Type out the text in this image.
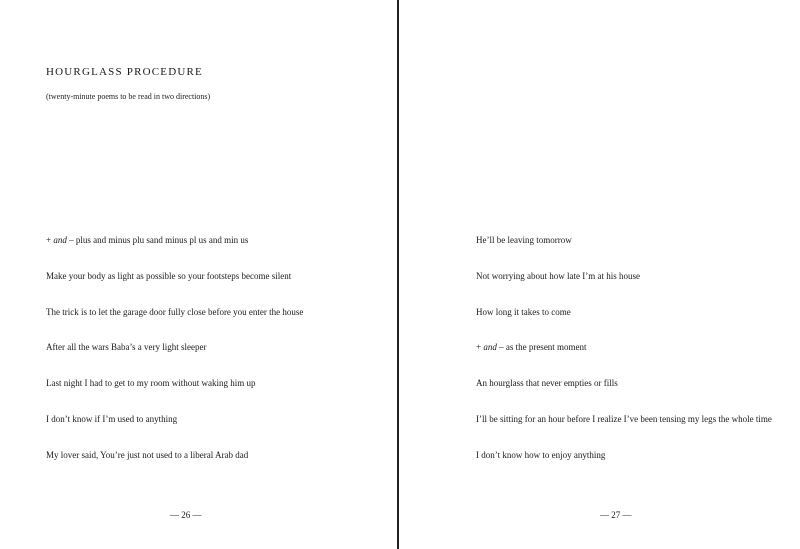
HOURGLASS PROCEDURE
(twenty-minute poems to be read in two directions)
+ and – plus and minus plu sand minus pl us and min us
Make your body as light as possible so your footsteps become silent
The trick is to let the garage door fully close before you enter the house
After all the wars Baba’s a very light sleeper
Last night I had to get to my room without waking him up
I don’t know if I’m used to anything
My lover said, You’re just not used to a liberal Arab dad
— 26 —
He’ll be leaving tomorrow
Not worrying about how late I’m at his house
How long it takes to come
+ and – as the present moment
An hourglass that never empties or fills
I’ll be sitting for an hour before I realize I’ve been tensing my legs the whole time
I don’t know how to enjoy anything
— 27 —
